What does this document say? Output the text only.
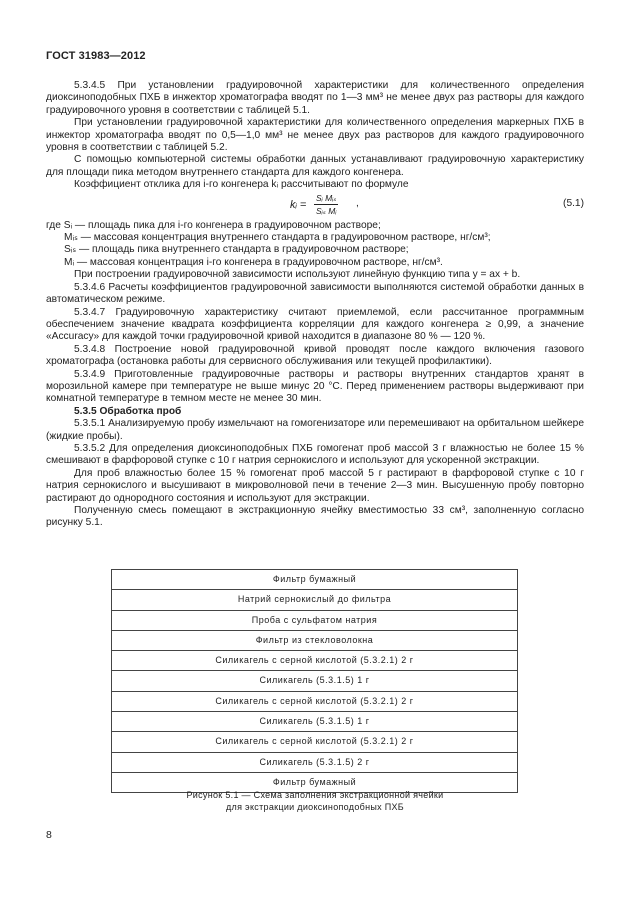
ГОСТ 31983—2012

5.3.4.5 При установлении градуировочной характеристики для количественного определения диоксиноподобных ПХБ в инжектор хроматографа вводят по 1—3 мм³ не менее двух раз растворы для каждого градуировочного уровня в соответствии с таблицей 5.1.

При установлении градуировочной характеристики для количественного определения маркерных ПХБ в инжектор хроматографа вводят по 0,5—1,0 мм³ не менее двух раз растворов для каждого градуировочного уровня в соответствии с таблицей 5.2.

С помощью компьютерной системы обработки данных устанавливают градуировочную характеристику для площади пика методом внутреннего стандарта для каждого конгенера.

Коэффициент отклика для i-го конгенера kᵢ рассчитывают по формуле

kᵢ =
Sᵢ Mᵢₛ
Sᵢₛ Mᵢ
,	(5.1)

где Sᵢ — площадь пика для i-го конгенера в градуировочном растворе;

Mᵢₛ — массовая концентрация внутреннего стандарта в градуировочном растворе, нг/см³;

Sᵢₛ — площадь пика внутреннего стандарта в градуировочном растворе;

Mᵢ — массовая концентрация i-го конгенера в градуировочном растворе, нг/см³.

При построении градуировочной зависимости используют линейную функцию типа y = ax + b.

5.3.4.6 Расчеты коэффициентов градуировочной зависимости выполняются системой обработки данных в автоматическом режиме.

5.3.4.7 Градуировочную характеристику считают приемлемой, если рассчитанное программным обеспечением значение квадрата коэффициента корреляции для каждого конгенера ≥ 0,99, а значение «Accuracy» для каждой точки градуировочной кривой находится в диапазоне 80 % — 120 %.

5.3.4.8 Построение новой градуировочной кривой проводят после каждого включения газового хроматографа (остановка работы для сервисного обслуживания или текущей профилактики).

5.3.4.9 Приготовленные градуировочные растворы и растворы внутренних стандартов хранят в морозильной камере при температуре не выше минус 20 °С. Перед применением растворы выдерживают при комнатной температуре в темном месте не менее 30 мин.

5.3.5 Обработка проб

5.3.5.1 Анализируемую пробу измельчают на гомогенизаторе или перемешивают на орбитальном шейкере (жидкие пробы).

5.3.5.2 Для определения диоксиноподобных ПХБ гомогенат проб массой 3 г влажностью не более 15 % смешивают в фарфоровой ступке с 10 г натрия сернокислого и используют для ускоренной экстракции.

Для проб влажностью более 15 % гомогенат проб массой 5 г растирают в фарфоровой ступке с 10 г натрия сернокислого и высушивают в микроволновой печи в течение 2—3 мин. Высушенную пробу повторно растирают до однородного состояния и используют для экстракции.

Полученную смесь помещают в экстракционную ячейку вместимостью 33 см³, заполненную согласно рисунку 5.1.

Фильтр бумажный
Натрий сернокислый до фильтра
Проба с сульфатом натрия
Фильтр из стекловолокна
Силикагель с серной кислотой (5.3.2.1) 2 г
Силикагель (5.3.1.5) 1 г
Силикагель с серной кислотой (5.3.2.1) 2 г
Силикагель (5.3.1.5) 1 г
Силикагель с серной кислотой (5.3.2.1) 2 г
Силикагель (5.3.1.5) 2 г
Фильтр бумажный
Рисунок 5.1 — Схема заполнения экстракционной ячейки
для экстракции диоксиноподобных ПХБ
8
